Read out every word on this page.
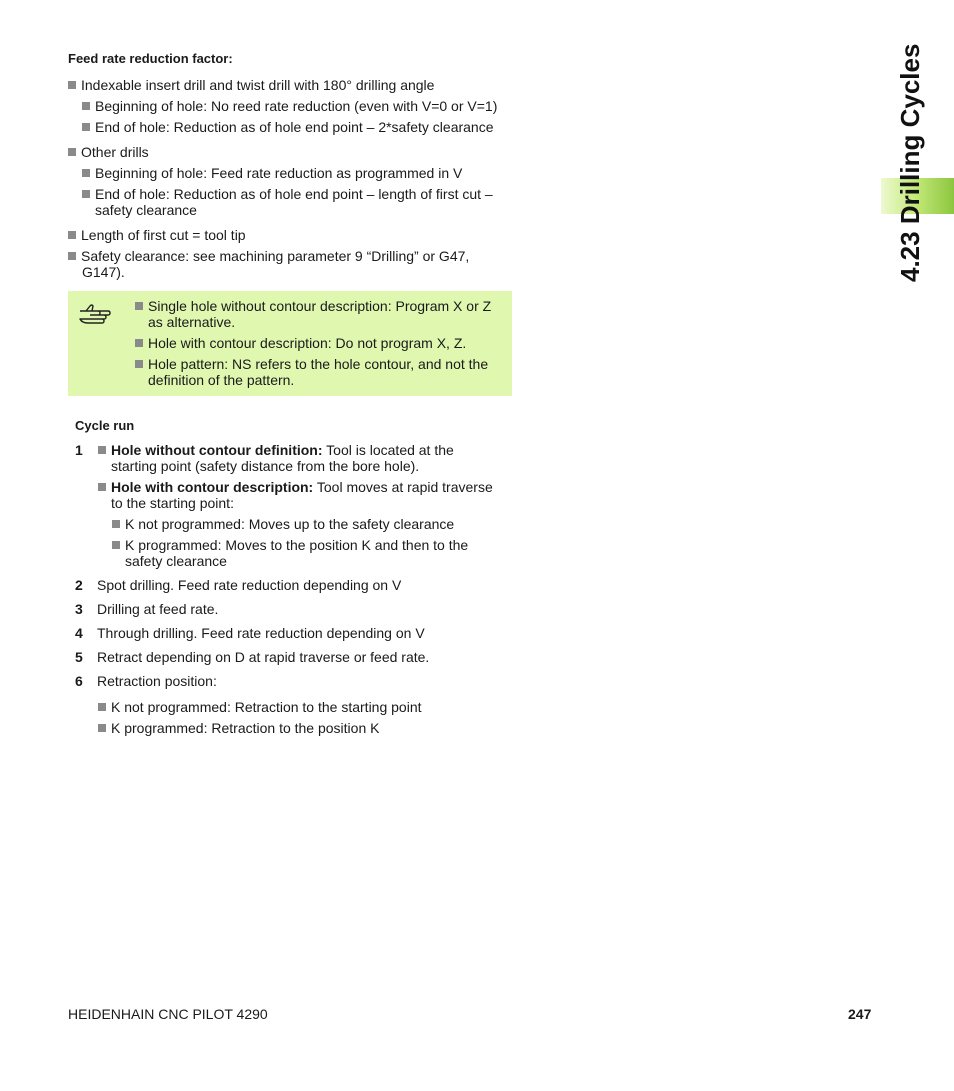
Feed rate reduction factor:
Indexable insert drill and twist drill with 180° drilling angle
Beginning of hole: No reed rate reduction (even with V=0 or V=1)
End of hole: Reduction as of hole end point – 2*safety clearance
Other drills
Beginning of hole: Feed rate reduction as programmed in V
End of hole: Reduction as of hole end point – length of first cut –
safety clearance
Length of first cut = tool tip
Safety clearance: see machining parameter 9 “Drilling” or G47,
G147).
Single hole without contour description: Program X or Z
as alternative.
Hole with contour description: Do not program X, Z.
Hole pattern: NS refers to the hole contour, and not the
definition of the pattern.
Cycle run
1 Hole without contour definition: Tool is located at the
starting point (safety distance from the bore hole).
Hole with contour description: Tool moves at rapid traverse
to the starting point:
K not programmed: Moves up to the safety clearance
K programmed: Moves to the position K and then to the
safety clearance
2 Spot drilling. Feed rate reduction depending on V
3 Drilling at feed rate.
4 Through drilling. Feed rate reduction depending on V
5 Retract depending on D at rapid traverse or feed rate.
6 Retraction position:
K not programmed: Retraction to the starting point
K programmed: Retraction to the position K
4.23 Drilling Cycles
HEIDENHAIN CNC PILOT 4290	247
